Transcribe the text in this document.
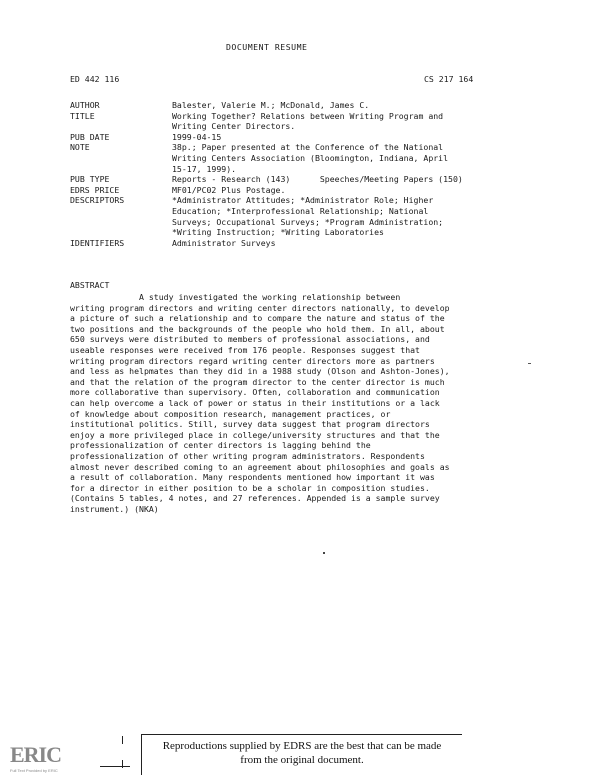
DOCUMENT RESUME
ED 442 116	CS 217 164
AUTHOR	Balester, Valerie M.; McDonald, James C.
TITLE	Working Together? Relations between Writing Program and
Writing Center Directors.
PUB DATE	1999-04-15
NOTE	38p.; Paper presented at the Conference of the National
Writing Centers Association (Bloomington, Indiana, April
15-17, 1999).
PUB TYPE	Reports - Research (143)      Speeches/Meeting Papers (150)
EDRS PRICE	MF01/PC02 Plus Postage.
DESCRIPTORS	*Administrator Attitudes; *Administrator Role; Higher
Education; *Interprofessional Relationship; National
Surveys; Occupational Surveys; *Program Administration;
*Writing Instruction; *Writing Laboratories
IDENTIFIERS	Administrator Surveys
ABSTRACT
A study investigated the working relationship between
writing program directors and writing center directors nationally, to develop
a picture of such a relationship and to compare the nature and status of the
two positions and the backgrounds of the people who hold them. In all, about
650 surveys were distributed to members of professional associations, and
useable responses were received from 176 people. Responses suggest that
writing program directors regard writing center directors more as partners
and less as helpmates than they did in a 1988 study (Olson and Ashton-Jones),
and that the relation of the program director to the center director is much
more collaborative than supervisory. Often, collaboration and communication
can help overcome a lack of power or status in their institutions or a lack
of knowledge about composition research, management practices, or
institutional politics. Still, survey data suggest that program directors
enjoy a more privileged place in college/university structures and that the
professionalization of center directors is lagging behind the
professionalization of other writing program administrators. Respondents
almost never described coming to an agreement about philosophies and goals as
a result of collaboration. Many respondents mentioned how important it was
for a director in either position to be a scholar in composition studies.
(Contains 5 tables, 4 notes, and 27 references. Appended is a sample survey
instrument.) (NKA)
ERIC
Full Text Provided by ERIC
Reproductions supplied by EDRS are the best that can be made
from the original document.
